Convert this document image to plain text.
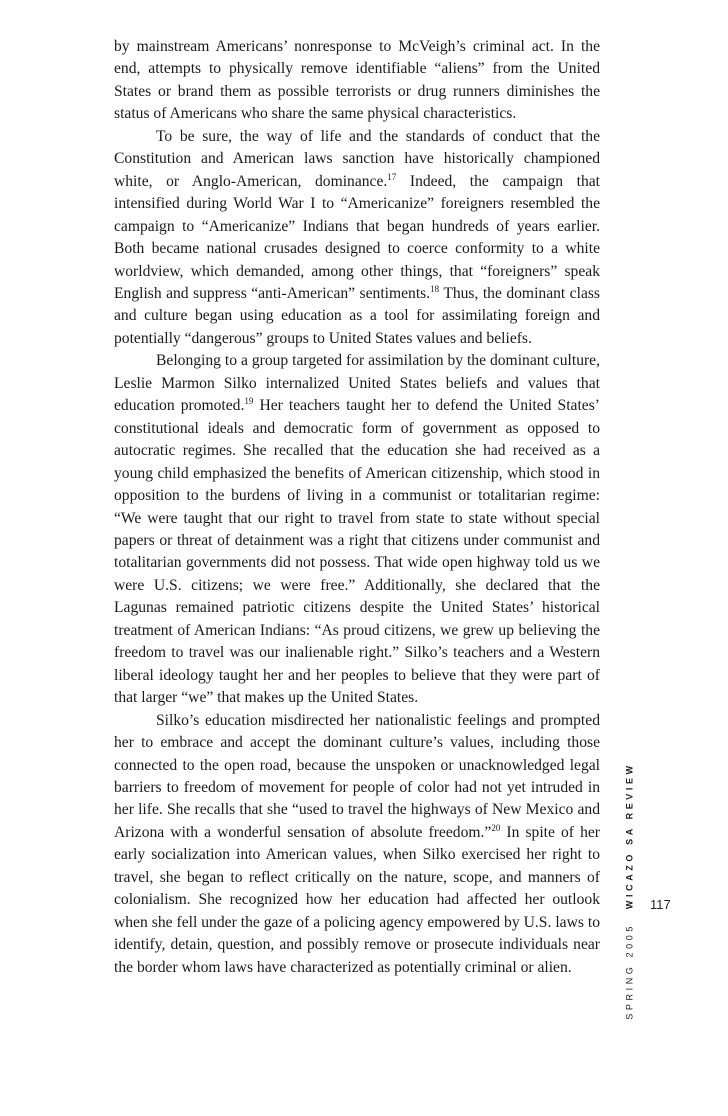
by mainstream Americans’ nonresponse to McVeigh’s criminal act. In the end, attempts to physically remove identifiable “aliens” from the United States or brand them as possible terrorists or drug runners diminishes the status of Americans who share the same physical characteristics.

To be sure, the way of life and the standards of conduct that the Constitution and American laws sanction have historically championed white, or Anglo-American, dominance.$^{17}$ Indeed, the campaign that intensified during World War I to “Americanize” foreigners resembled the campaign to “Americanize” Indians that began hundreds of years earlier. Both became national crusades designed to coerce conformity to a white worldview, which demanded, among other things, that “foreigners” speak English and suppress “anti-American” sentiments.$^{18}$ Thus, the dominant class and culture began using education as a tool for assimilating foreign and potentially “dangerous” groups to United States values and beliefs.

Belonging to a group targeted for assimilation by the dominant culture, Leslie Marmon Silko internalized United States beliefs and values that education promoted.$^{19}$ Her teachers taught her to defend the United States’ constitutional ideals and democratic form of government as opposed to autocratic regimes. She recalled that the education she had received as a young child emphasized the benefits of American citizenship, which stood in opposition to the burdens of living in a communist or totalitarian regime: “We were taught that our right to travel from state to state without special papers or threat of detainment was a right that citizens under communist and totalitarian governments did not possess. That wide open highway told us we were U.S. citizens; we were free.” Additionally, she declared that the Lagunas remained patriotic citizens despite the United States’ historical treatment of American Indians: “As proud citizens, we grew up believing the freedom to travel was our inalienable right.” Silko’s teachers and a Western liberal ideology taught her and her peoples to believe that they were part of that larger “we” that makes up the United States.

Silko’s education misdirected her nationalistic feelings and prompted her to embrace and accept the dominant culture’s values, including those connected to the open road, because the unspoken or unacknowledged legal barriers to freedom of movement for people of color had not yet intruded in her life. She recalls that she “used to travel the highways of New Mexico and Arizona with a wonderful sensation of absolute freedom.”$^{20}$ In spite of her early socialization into American values, when Silko exercised her right to travel, she began to reflect critically on the nature, scope, and manners of colonialism. She recognized how her education had affected her outlook when she fell under the gaze of a policing agency empowered by U.S. laws to identify, detain, question, and possibly remove or prosecute individuals near the border whom laws have characterized as potentially criminal or alien.	SPRING 2005WICAZO SA REVIEW 117
